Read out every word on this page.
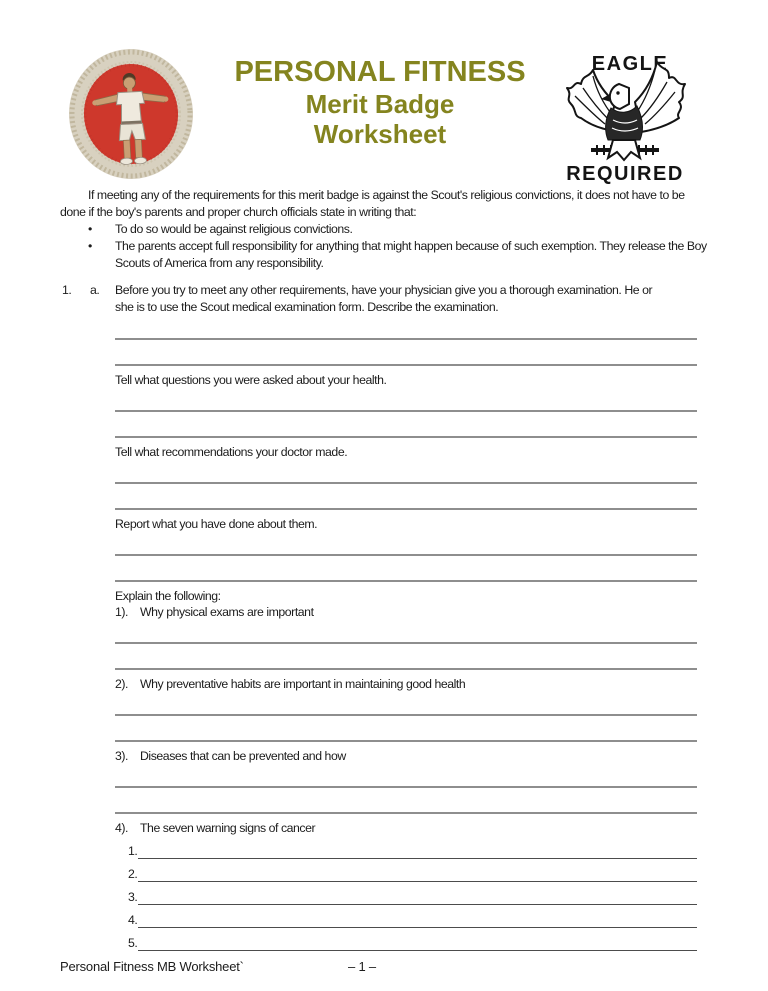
PERSONAL FITNESS
Merit Badge
Worksheet
EAGLE
REQUIRED

If meeting any of the requirements for this merit badge is against the Scout's religious convictions, it does not have to be done if the boy's parents and proper church officials state in writing that:

•	To do so would be against religious convictions.
•	The parents accept full responsibility for anything that might happen because of such exemption. They release the Boy Scouts of America from any responsibility.
1.	a.	Before you try to meet any other requirements, have your physician give you a thorough examination. He or she is to use the Scout medical examination form. Describe the examination.

Tell what questions you were asked about your health.

Tell what recommendations your doctor made.

Report what you have done about them.

Explain the following:

1). Why physical exams are important
2). Why preventative habits are important in maintaining good health
3). Diseases that can be prevented and how
4). The seven warning signs of cancer
1.
2.
3.
4.
5.
Personal Fitness MB Worksheet`	– 1 –
